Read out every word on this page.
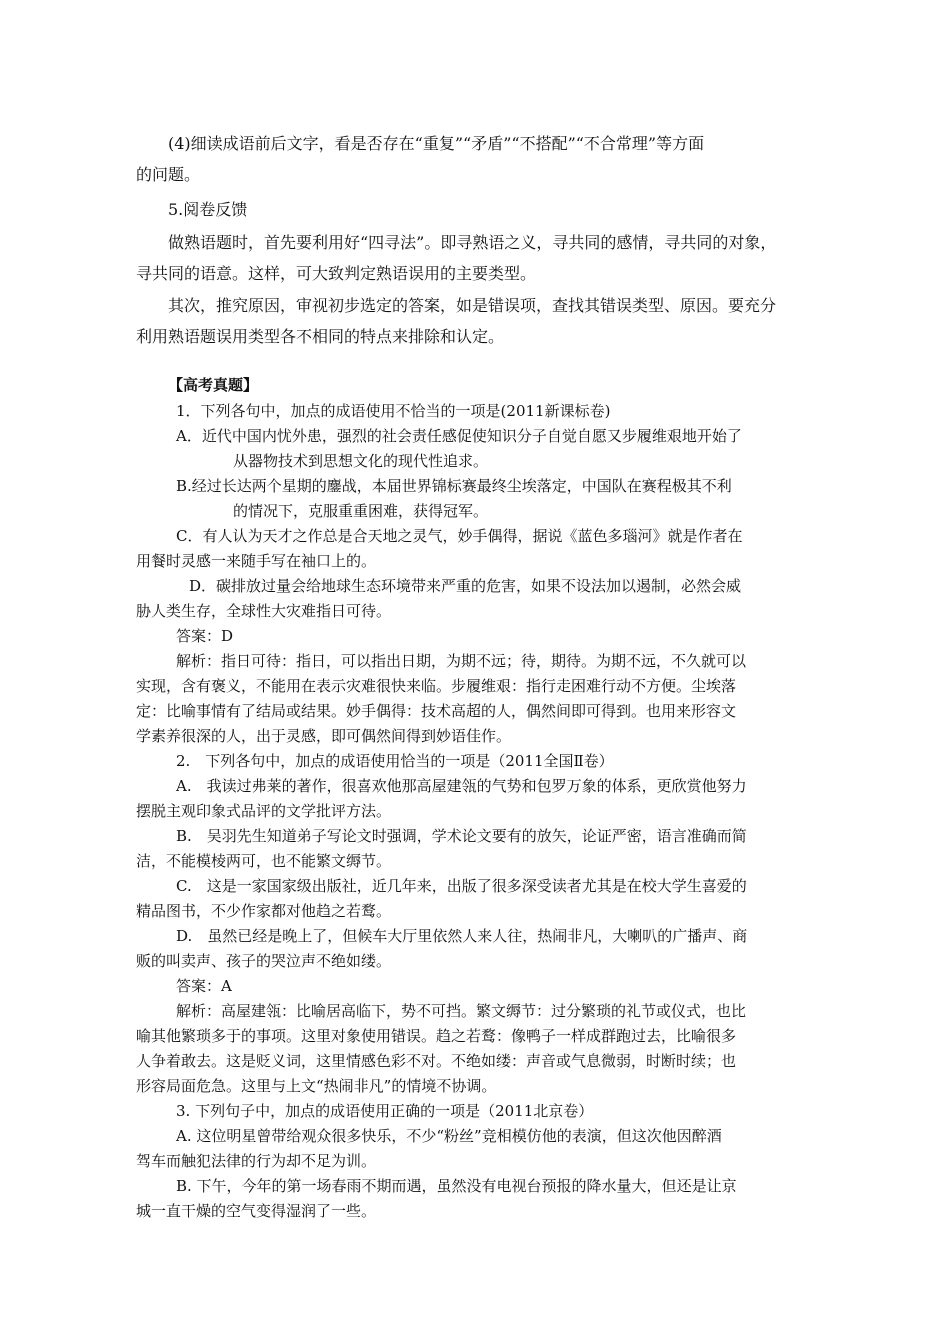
(4)细读成语前后文字，看是否存在“重复”“矛盾”“不搭配”“不合常理”等方面
的问题。
5.阅卷反馈
做熟语题时，首先要利用好“四寻法”。即寻熟语之义，寻共同的感情，寻共同的对象，
寻共同的语意。这样，可大致判定熟语误用的主要类型。
其次，推究原因，审视初步选定的答案，如是错误项，查找其错误类型、原因。要充分
利用熟语题误用类型各不相同的特点来排除和认定。
【高考真题】
1．下列各句中，加点的成语使用不恰当的一项是(2011新课标卷)
A．近代中国内忧外患，强烈的社会责任感促使知识分子自觉自愿又步履维艰地开始了
从器物技术到思想文化的现代性追求。
B.经过长达两个星期的鏖战，本届世界锦标赛最终尘埃落定，中国队在赛程极其不利
的情况下，克服重重困难，获得冠军。
C．有人认为天才之作总是合天地之灵气，妙手偶得，据说《蓝色多瑙河》就是作者在
用餐时灵感一来随手写在袖口上的。
D．碳排放过量会给地球生态环境带来严重的危害，如果不设法加以遏制，必然会威
胁人类生存，全球性大灾难指日可待。
答案：D
解析：指日可待：指日，可以指出日期，为期不远；待，期待。为期不远，不久就可以
实现，含有褒义，不能用在表示灾难很快来临。步履维艰：指行走困难行动不方便。尘埃落
定：比喻事情有了结局或结果。妙手偶得：技术高超的人，偶然间即可得到。也用来形容文
学素养很深的人，出于灵感，即可偶然间得到妙语佳作。
2.　下列各句中，加点的成语使用恰当的一项是（2011全国Ⅱ卷）
A.　我读过弗莱的著作，很喜欢他那高屋建瓴的气势和包罗万象的体系，更欣赏他努力
摆脱主观印象式品评的文学批评方法。
B.　吴羽先生知道弟子写论文时强调，学术论文要有的放矢，论证严密，语言准确而简
洁，不能模棱两可，也不能繁文缛节。
C.　这是一家国家级出版社，近几年来，出版了很多深受读者尤其是在校大学生喜爱的
精品图书，不少作家都对他趋之若鹜。
D.　虽然已经是晚上了，但候车大厅里依然人来人往，热闹非凡，大喇叭的广播声、商
贩的叫卖声、孩子的哭泣声不绝如缕。
答案：A
解析：高屋建瓴：比喻居高临下，势不可挡。繁文缛节：过分繁琐的礼节或仪式，也比
喻其他繁琐多于的事项。这里对象使用错误。趋之若鹜：像鸭子一样成群跑过去，比喻很多
人争着敢去。这是贬义词，这里情感色彩不对。不绝如缕：声音或气息微弱，时断时续；也
形容局面危急。这里与上文“热闹非凡”的情境不协调。
3. 下列句子中，加点的成语使用正确的一项是（2011北京卷）
A. 这位明星曾带给观众很多快乐，不少“粉丝”竞相模仿他的表演，但这次他因醉酒
驾车而触犯法律的行为却不足为训。
B. 下午，今年的第一场春雨不期而遇，虽然没有电视台预报的降水量大，但还是让京
城一直干燥的空气变得湿润了一些。
